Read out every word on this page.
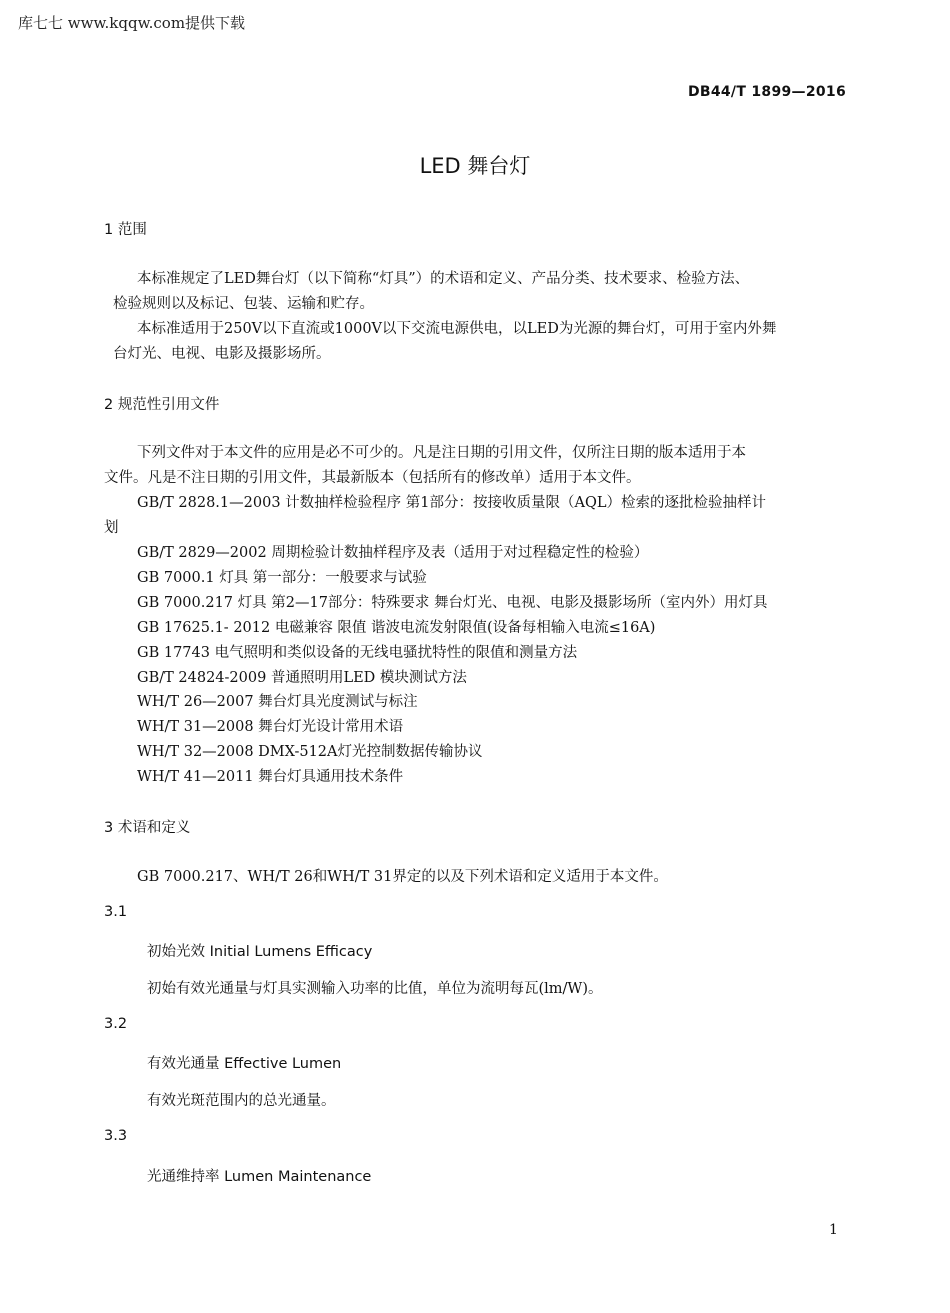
库七七 www.kqqw.com提供下载
DB44/T 1899—2016
LED 舞台灯
1 范围
本标准规定了LED舞台灯（以下简称“灯具”）的术语和定义、产品分类、技术要求、检验方法、
检验规则以及标记、包装、运输和贮存。
本标准适用于250V以下直流或1000V以下交流电源供电，以LED为光源的舞台灯，可用于室内外舞
台灯光、电视、电影及摄影场所。
2 规范性引用文件
下列文件对于本文件的应用是必不可少的。凡是注日期的引用文件，仅所注日期的版本适用于本
文件。凡是不注日期的引用文件，其最新版本（包括所有的修改单）适用于本文件。
GB/T 2828.1—2003 计数抽样检验程序 第1部分：按接收质量限（AQL）检索的逐批检验抽样计
划
GB/T 2829—2002 周期检验计数抽样程序及表（适用于对过程稳定性的检验）
GB 7000.1 灯具 第一部分：一般要求与试验
GB 7000.217 灯具 第2—17部分：特殊要求 舞台灯光、电视、电影及摄影场所（室内外）用灯具
GB 17625.1- 2012 电磁兼容 限值 谐波电流发射限值(设备每相输入电流≤16A)
GB 17743 电气照明和类似设备的无线电骚扰特性的限值和测量方法
GB/T 24824-2009 普通照明用LED 模块测试方法
WH/T 26—2007 舞台灯具光度测试与标注
WH/T 31—2008 舞台灯光设计常用术语
WH/T 32—2008 DMX-512A灯光控制数据传输协议
WH/T 41—2011 舞台灯具通用技术条件
3 术语和定义
GB 7000.217、WH/T 26和WH/T 31界定的以及下列术语和定义适用于本文件。
3.1
初始光效 Initial Lumens Efficacy
初始有效光通量与灯具实测输入功率的比值，单位为流明每瓦(lm/W)。
3.2
有效光通量 Effective Lumen
有效光斑范围内的总光通量。
3.3
光通维持率 Lumen Maintenance
1
